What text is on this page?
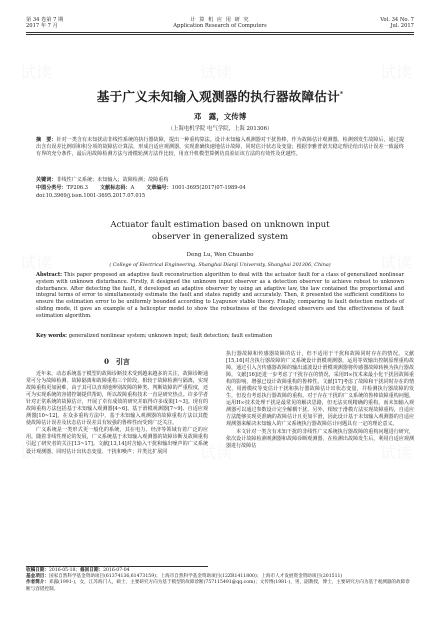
第 34 卷第 7 期
2017 年 7 月
计 算 机 应 用 研 究
Application Research of Computers
Vol. 34 No. 7
Jul. 2017
基于广义未知输入观测器的执行器故障估计*
邓　露，文传博
（上海电机学院 电气学院，上海 201306）
摘　要：针对一类含有未知扰动非线性系统的执行器故障，提出一种重构算法。设计未知输入观测器对干扰鲁棒，作为故障估计观测器。检测到发生故障后，通过提出含有误差比例项和积分项的故障估计算法，形成自适应观测器，实现准确快速地估计故障，同时估计状态及变量；根据李雅普诺夫稳定理论给出估计误差一致最终有界的充分条件，最后用故障检测方法与滑模轮测方法作比较，用直升机模型算例仿真验证该方法的有效性及优越性。
关键词：非线性广义系统；未知输入；故障检测；故障重构
中图分类号：TP206.3 文献标志码：A 文章编号：1001-3695(2017)07-1989-04
doi:10.3969/j.issn.1001-3695.2017.07.015
Actuator fault estimation based on unknown input
observer in generalized system
Deng Lu, Wen Chuanbo
( College of Electrical Engineering, Shanghai Dianji University, Shanghai 201306, China)
Abstract: This paper proposed an adaptive fault reconstruction algorithm to deal with the actuator fault for a class of generalized nonlinear system with unknown disturbance. Firstly, it designed the unknown input observer as a detection observer to achieve robust to unknown disturbance. After detecting the fault, it developed an adaptive observer by using an adaptive law, the law contained the proportional and integral terms of error to simultaneously estimate the fault and states rapidly and accurately. Then, it presented the sufficient conditions to ensure the estimation error to be uniformly bounded according to Lyapunov stable theory. Finally, comparing to fault detection methods of sliding mode, it gave an example of a helicopter model to show the robustness of the developed observers and the effectiveness of fault estimation algorithm.
Key words: generalized nonlinear system; unknown input; fault detection; fault estimation
0　 引言

近年来，动态系统基于模型的故障诊断技术受到越来越多的关注，故障诊断通常可分为故障检测、故障隔离和故障重构三个阶段。相较于故障检测与隔离，实现故障重构更加困难，由于其可以直观地辨别故障的种类、判断故障的严重程度，还可为实现系统的容错控制提供帮助，所以故障重构技术一直是研究热点。许多学者针对正常系统的故障估计，开展了卓有成效的研究并取得许多成果[1~3]。现有的故障重构方法包括基于未知输入观测器[4~6]、基于滑模观测器[7~9]、自适应观测器[10~12]。在众多重构方法中，基于未知输入观测器的故障重构方法以其能使故障估计误差及状态估计误差具有较强的鲁棒性而受到广泛关注。

广义系统是一类形式更一般化的系统，其在电力、经济等领域有着广泛的应用。随着非线性理论的发展，广义系统基于未知输入观测器的故障诊断及故障重构引起了研究者的关注[13~17]。文献[13,14]对含输入干扰和输出噪声的广义系统设计观测器，同时估计出状态变量、干扰和噪声；并类比扩展同

执行器故障和传感器故障的估计，但不适用于干扰和故障同时存在的情况。文献[15,16]对含执行器故障的广义系统设计滑模观测器，运用等效输出控制原理重构故障，通过引入含传感器故障的输出滤波设计滑模观测器将传感器故障转换为执行器故障。文献[16]还进一步考虑了干扰存在的情况，采用H∞技术来最小化干扰因故障重构的影响，增强已设计故障重构的鲁棒性。文献[17]考虑了故障和干扰同时存在的情况，用滑模纹等变估计干扰和执行器故障估计出状态变量，并检测执行器故障的发生，但没有考虑执行器故障的重构。对于存在干扰的广义系统的鲁棒故障重构问题，运用H∞技术处理干扰是最常见的解决思路，但无法实现精确的重构，而未知输入观测器可以通过参数设计完全解耦干扰。另外，相较于滑模方法实现故障重构，自适应方法能够实现更准确的故障估计且更加平滑，因此设计基于未知输入观测器的自适应观测器来解决未知输入的广义系统执行器故障估计问题具有一定的理论意义。

本文针对一类含有未知干扰的非线性广义系统执行器故障的重构问题进行研究，依次设计故障检测观测器和故障诊断观测器，在检测出故障发生后，利用自适应观测器进行故障估

收稿日期：2016-05-18；修回日期：2016-07-04
基金项目：国家自然科学基金资助项目(61374136,61473159)；上海市自然科学基金资助项目(12ZR1411800)；上海市人才发展资金资助项目(201511)
作者简介：邓露(1991-)，女，江苏海门人，硕士，主要研究方向为基于模型的故障诊断(757115491@qq.com)；文传博(1981-)，男，副教授，博士，主要研究方向为基于观测器的故障诊断与容错控制。
